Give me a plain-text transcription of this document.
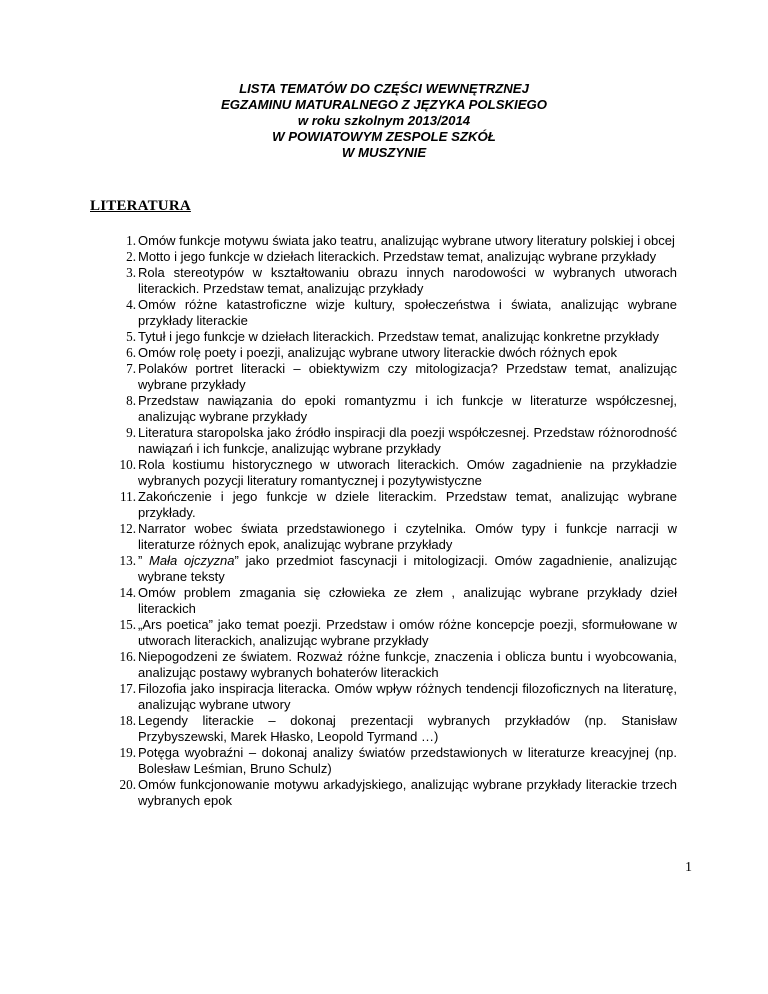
LISTA TEMATÓW DO CZĘŚCI WEWNĘTRZNEJ
EGZAMINU MATURALNEGO Z JĘZYKA POLSKIEGO
w roku szkolnym 2013/2014
W POWIATOWYM ZESPOLE SZKÓŁ
W MUSZYNIE
LITERATURA
1. Omów funkcje motywu świata jako teatru, analizując wybrane utwory literatury polskiej i obcej
2. Motto i jego funkcje w dziełach literackich. Przedstaw temat, analizując wybrane przykłady
3. Rola stereotypów w kształtowaniu obrazu innych narodowości w wybranych utworach literackich. Przedstaw temat, analizując przykłady
4. Omów różne katastroficzne wizje kultury, społeczeństwa i świata, analizując wybrane przykłady literackie
5. Tytuł i jego funkcje w dziełach literackich. Przedstaw temat, analizując konkretne przykłady
6. Omów rolę poety i poezji, analizując wybrane utwory literackie dwóch różnych epok
7. Polaków portret literacki – obiektywizm czy mitologizacja? Przedstaw temat, analizując wybrane przykłady
8. Przedstaw nawiązania do epoki romantyzmu i ich funkcje w literaturze współczesnej, analizując wybrane przykłady
9. Literatura staropolska jako źródło inspiracji dla poezji współczesnej. Przedstaw różnorodność nawiązań i ich funkcje, analizując wybrane przykłady
10. Rola kostiumu historycznego w utworach literackich. Omów zagadnienie na przykładzie wybranych pozycji literatury romantycznej i pozytywistyczne
11. Zakończenie i jego funkcje w dziele literackim. Przedstaw temat, analizując wybrane przykłady.
12. Narrator wobec świata przedstawionego i czytelnika. Omów typy i funkcje narracji w literaturze różnych epok, analizując wybrane przykłady
13. ” Mała ojczyzna” jako przedmiot fascynacji i mitologizacji. Omów zagadnienie, analizując wybrane teksty
14. Omów problem zmagania się człowieka ze złem , analizując wybrane przykłady dzieł literackich
15. „Ars poetica” jako temat poezji. Przedstaw i omów różne koncepcje poezji, sformułowane w utworach literackich, analizując wybrane przykłady
16. Niepogodzeni ze światem. Rozważ różne funkcje, znaczenia i oblicza buntu i wyobcowania, analizując postawy wybranych bohaterów literackich
17. Filozofia jako inspiracja literacka. Omów wpływ różnych tendencji filozoficznych na literaturę, analizując wybrane utwory
18. Legendy literackie – dokonaj prezentacji wybranych przykładów (np. Stanisław Przybyszewski, Marek Hłasko, Leopold Tyrmand …)
19. Potęga wyobraźni – dokonaj analizy światów przedstawionych w literaturze kreacyjnej (np. Bolesław Leśmian, Bruno Schulz)
20. Omów funkcjonowanie motywu arkadyjskiego, analizując wybrane przykłady literackie trzech wybranych epok
1
